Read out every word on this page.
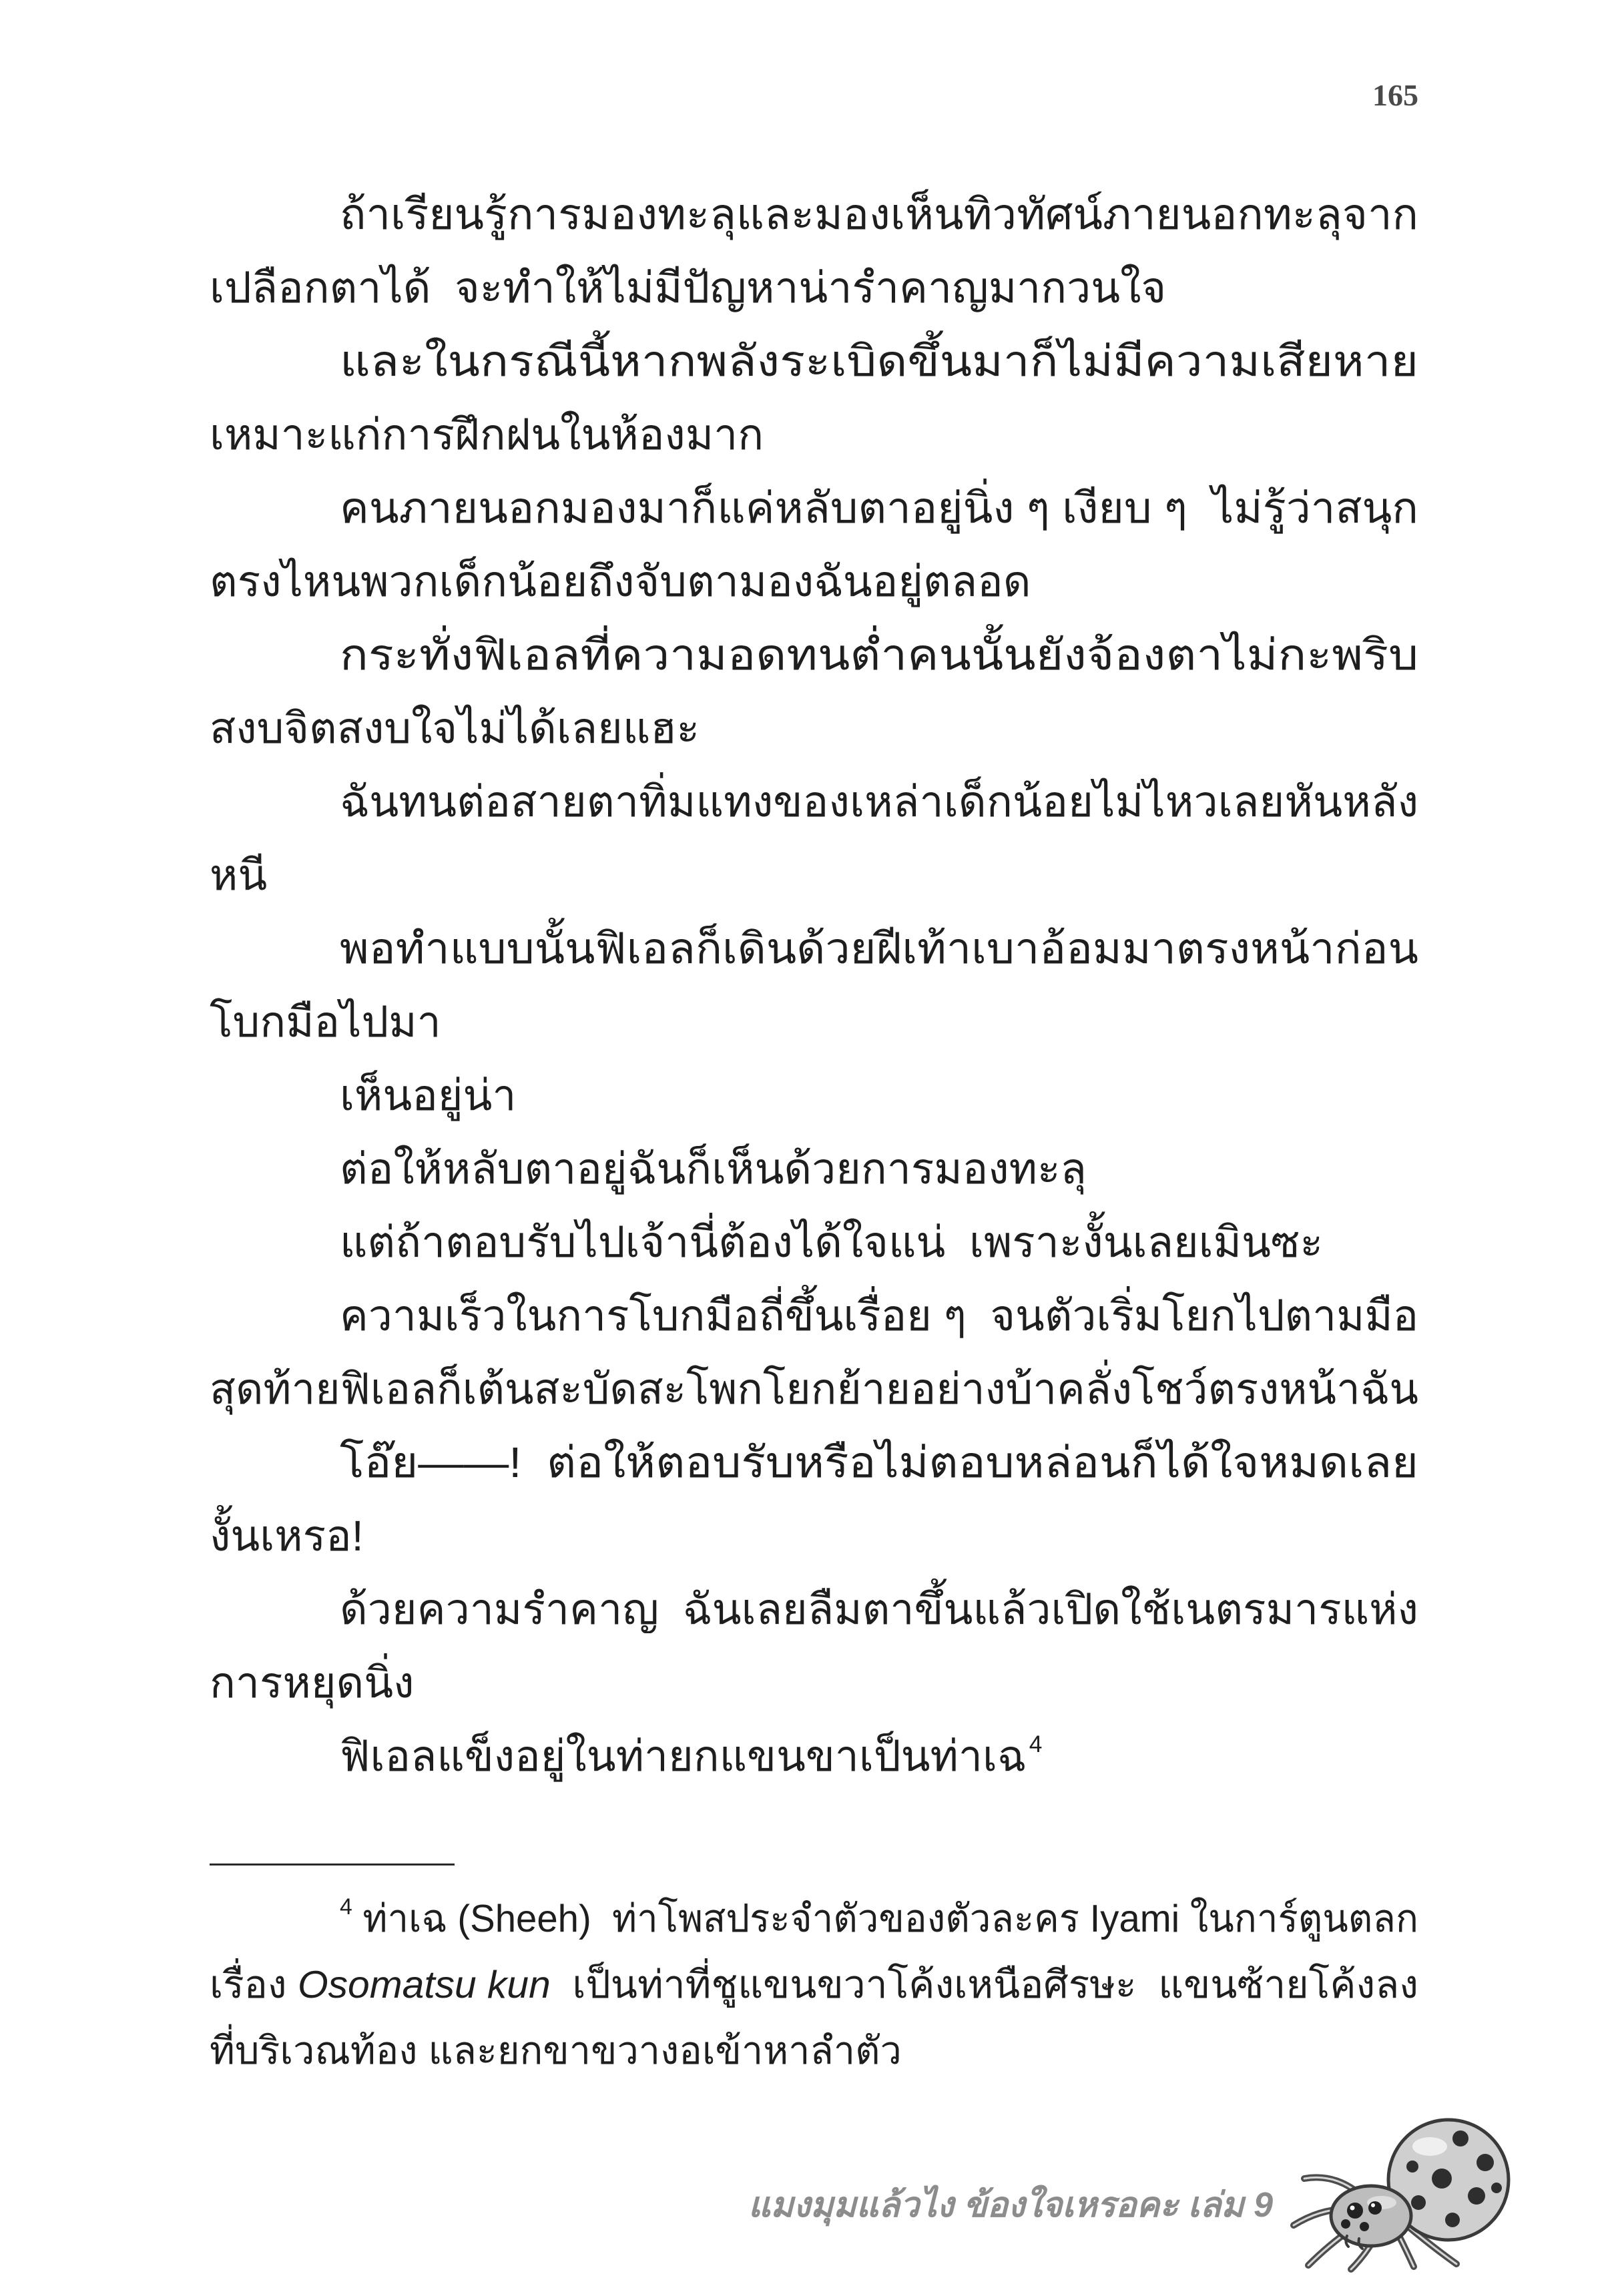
165
ถ้าเรียนรู้การมองทะลุและมองเห็นทิวทัศน์ภายนอกทะลุจาก
เปลือกตาได้  จะทำให้ไม่มีปัญหาน่ารำคาญมากวนใจ
และในกรณีนี้หากพลังระเบิดขึ้นมาก็ไม่มีความเสียหาย
เหมาะแก่การฝึกฝนในห้องมาก
คนภายนอกมองมาก็แค่หลับตาอยู่นิ่ง ๆ เงียบ ๆ  ไม่รู้ว่าสนุก
ตรงไหนพวกเด็กน้อยถึงจับตามองฉันอยู่ตลอด
กระทั่งฟิเอลที่ความอดทนต่ำคนนั้นยังจ้องตาไม่กะพริบ
สงบจิตสงบใจไม่ได้เลยแฮะ
ฉันทนต่อสายตาทิ่มแทงของเหล่าเด็กน้อยไม่ไหวเลยหันหลัง
หนี
พอทำแบบนั้นฟิเอลก็เดินด้วยฝีเท้าเบาอ้อมมาตรงหน้าก่อน
โบกมือไปมา
เห็นอยู่น่า
ต่อให้หลับตาอยู่ฉันก็เห็นด้วยการมองทะลุ
แต่ถ้าตอบรับไปเจ้านี่ต้องได้ใจแน่  เพราะงั้นเลยเมินซะ
ความเร็วในการโบกมือถี่ขึ้นเรื่อย ๆ  จนตัวเริ่มโยกไปตามมือ
สุดท้ายฟิเอลก็เต้นสะบัดสะโพกโยกย้ายอย่างบ้าคลั่งโชว์ตรงหน้าฉัน
โอ๊ย——!  ต่อให้ตอบรับหรือไม่ตอบหล่อนก็ได้ใจหมดเลย
งั้นเหรอ!
ด้วยความรำคาญ  ฉันเลยลืมตาขึ้นแล้วเปิดใช้เนตรมารแห่ง
การหยุดนิ่ง
ฟิเอลแข็งอยู่ในท่ายกแขนขาเป็นท่าเฉ $^4$
$^4$ ท่าเฉ (Sheeh)  ท่าโพสประจำตัวของตัวละคร Iyami ในการ์ตูนตลก
เรื่อง Osomatsu kun  เป็นท่าที่ชูแขนขวาโค้งเหนือศีรษะ  แขนซ้ายโค้งลง
ที่บริเวณท้อง และยกขาขวางอเข้าหาลำตัว
แมงมุมแล้วไง ข้องใจเหรอคะ เล่ม 9
